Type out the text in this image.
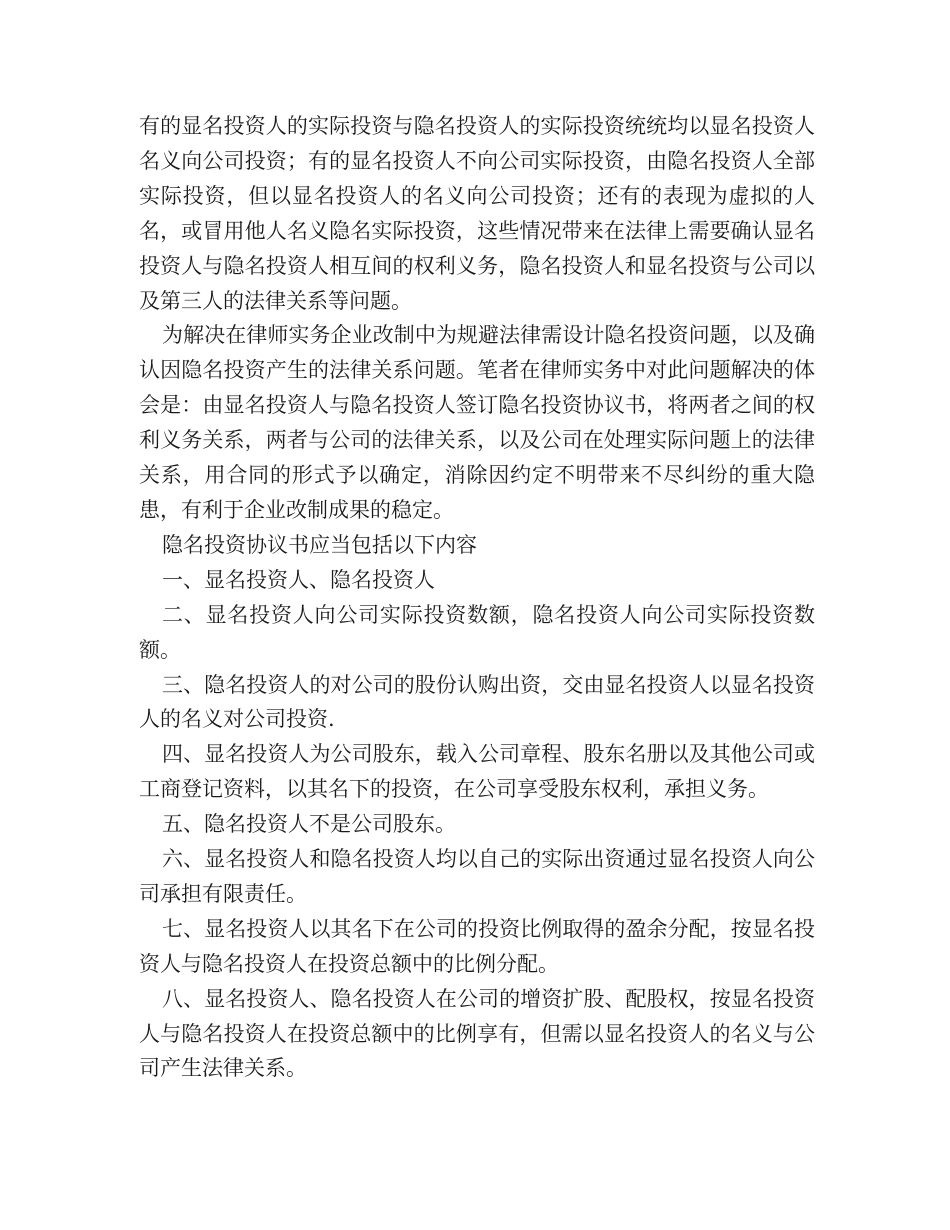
有的显名投资人的实际投资与隐名投资人的实际投资统统均以显名投资人名义向公司投资；有的显名投资人不向公司实际投资，由隐名投资人全部实际投资，但以显名投资人的名义向公司投资；还有的表现为虚拟的人名，或冒用他人名义隐名实际投资，这些情况带来在法律上需要确认显名投资人与隐名投资人相互间的权利义务，隐名投资人和显名投资与公司以及第三人的法律关系等问题。

为解决在律师实务企业改制中为规避法律需设计隐名投资问题，以及确认因隐名投资产生的法律关系问题。笔者在律师实务中对此问题解决的体会是：由显名投资人与隐名投资人签订隐名投资协议书，将两者之间的权利义务关系，两者与公司的法律关系，以及公司在处理实际问题上的法律关系，用合同的形式予以确定，消除因约定不明带来不尽纠纷的重大隐患，有利于企业改制成果的稳定。

隐名投资协议书应当包括以下内容

一、显名投资人、隐名投资人

二、显名投资人向公司实际投资数额，隐名投资人向公司实际投资数额。

三、隐名投资人的对公司的股份认购出资，交由显名投资人以显名投资人的名义对公司投资.

四、显名投资人为公司股东，载入公司章程、股东名册以及其他公司或工商登记资料，以其名下的投资，在公司享受股东权利，承担义务。

五、隐名投资人不是公司股东。

六、显名投资人和隐名投资人均以自己的实际出资通过显名投资人向公司承担有限责任。

七、显名投资人以其名下在公司的投资比例取得的盈余分配，按显名投资人与隐名投资人在投资总额中的比例分配。

八、显名投资人、隐名投资人在公司的增资扩股、配股权，按显名投资人与隐名投资人在投资总额中的比例享有，但需以显名投资人的名义与公司产生法律关系。
